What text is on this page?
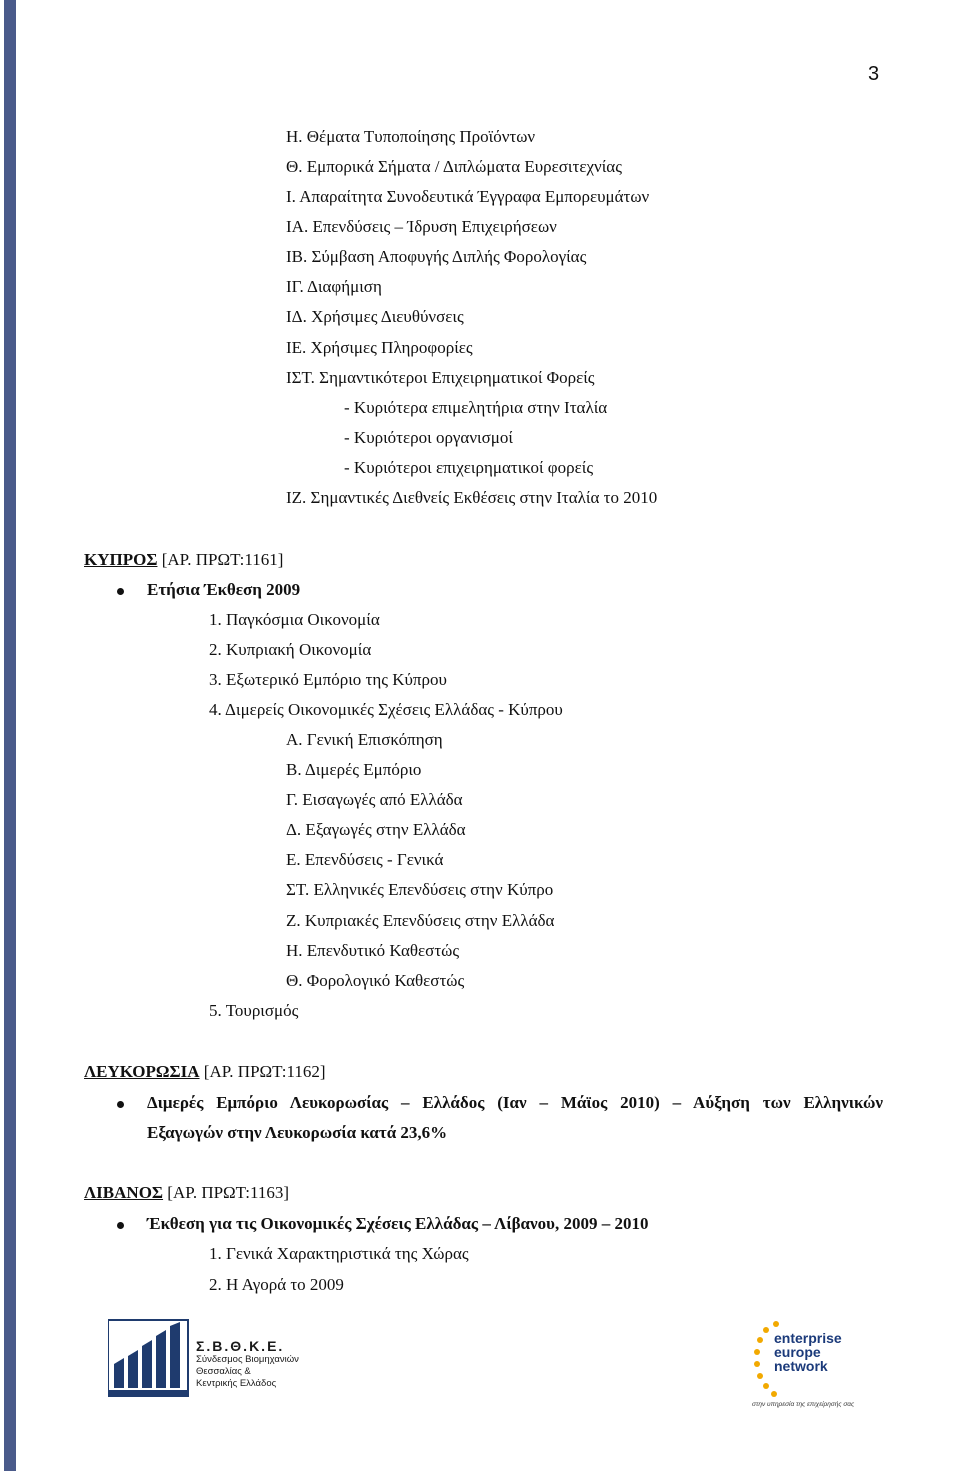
3
Η. Θέματα Τυποποίησης Προϊόντων
Θ. Εμπορικά Σήματα / Διπλώματα Ευρεσιτεχνίας
Ι. Απαραίτητα Συνοδευτικά Έγγραφα Εμπορευμάτων
ΙΑ. Επενδύσεις – Ίδρυση Επιχειρήσεων
ΙΒ. Σύμβαση Αποφυγής Διπλής Φορολογίας
ΙΓ. Διαφήμιση
ΙΔ. Χρήσιμες Διευθύνσεις
ΙΕ. Χρήσιμες Πληροφορίες
ΙΣΤ. Σημαντικότεροι Επιχειρηματικοί Φορείς
- Κυριότερα επιμελητήρια στην Ιταλία
- Κυριότεροι οργανισμοί
- Κυριότεροι επιχειρηματικοί φορείς
ΙΖ. Σημαντικές Διεθνείς Εκθέσεις στην Ιταλία το 2010
ΚΥΠΡΟΣ [ΑΡ. ΠΡΩΤ:1161]
Ετήσια Έκθεση 2009
1. Παγκόσμια Οικονομία
2. Κυπριακή Οικονομία
3. Εξωτερικό Εμπόριο της Κύπρου
4. Διμερείς Οικονομικές Σχέσεις Ελλάδας - Κύπρου
Α. Γενική Επισκόπηση
Β. Διμερές Εμπόριο
Γ. Εισαγωγές από Ελλάδα
Δ. Εξαγωγές στην Ελλάδα
Ε. Επενδύσεις - Γενικά
ΣΤ. Ελληνικές Επενδύσεις στην Κύπρο
Ζ. Κυπριακές Επενδύσεις στην Ελλάδα
Η. Επενδυτικό Καθεστώς
Θ. Φορολογικό Καθεστώς
5. Τουρισμός
ΛΕΥΚΟΡΩΣΙΑ [ΑΡ. ΠΡΩΤ:1162]
Διμερές Εμπόριο Λευκορωσίας – Ελλάδος (Ιαν – Μάϊος 2010) – Αύξηση των Ελληνικών
Εξαγωγών στην Λευκορωσία κατά 23,6%
ΛΙΒΑΝΟΣ [ΑΡ. ΠΡΩΤ:1163]
Έκθεση για τις Οικονομικές Σχέσεις Ελλάδας – Λίβανου, 2009 – 2010
1. Γενικά Χαρακτηριστικά της Χώρας
2. Η Αγορά το 2009
Σ.Β.Θ.Κ.Ε.
Σύνδεσμος Βιομηχανιών
Θεσσαλίας &
Κεντρικής Ελλάδος
enterprise
europe
network
στην υπηρεσία της επιχείρησής σας
